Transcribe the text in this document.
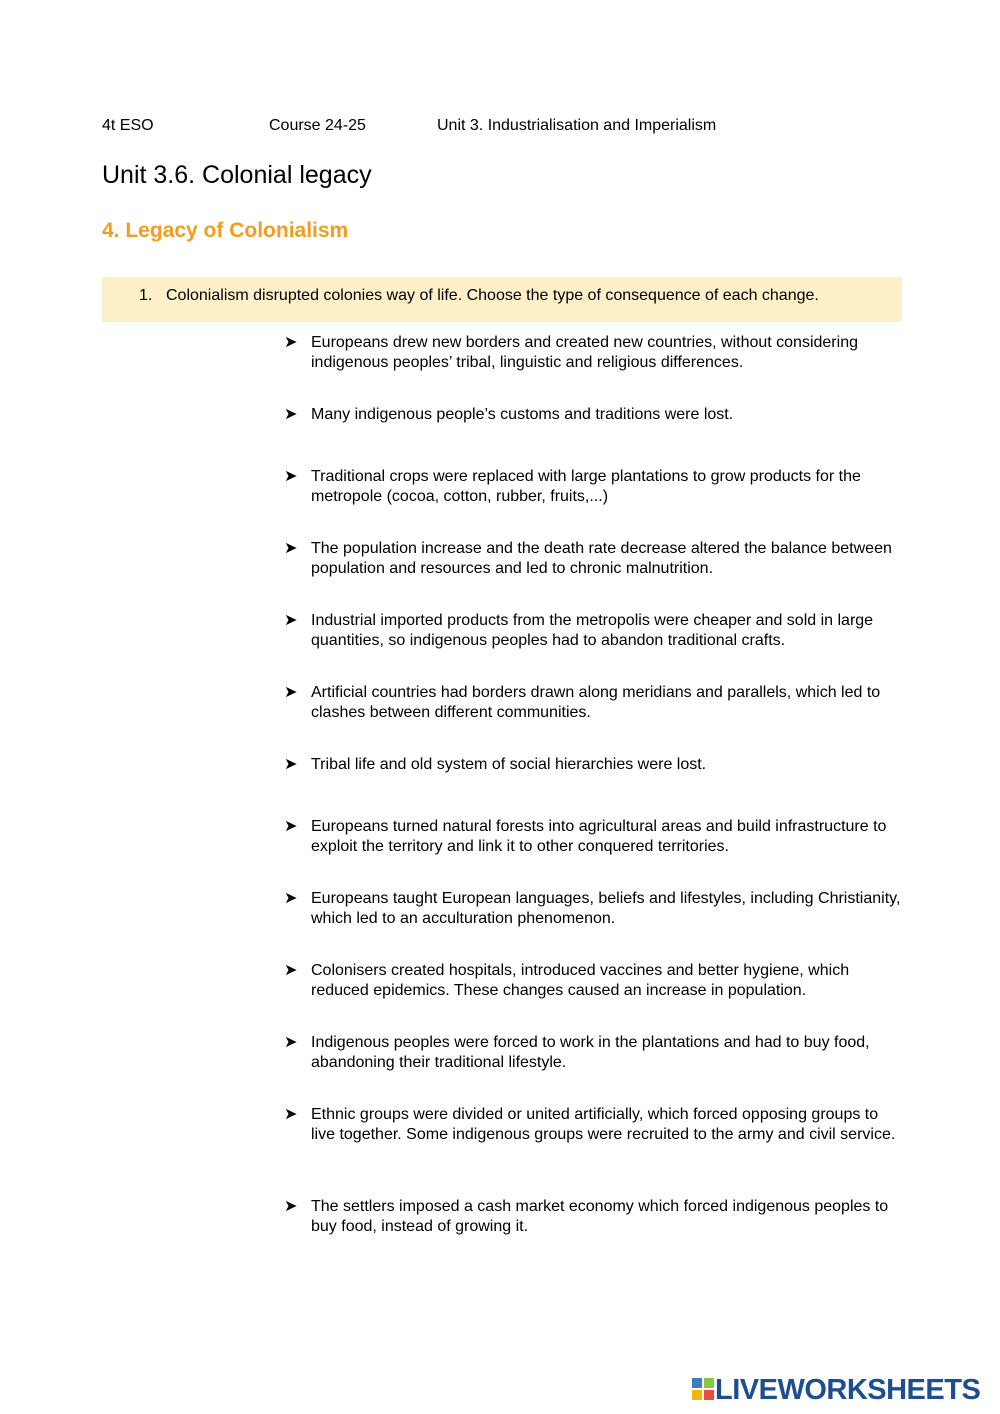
4t ESO	Course 24-25	Unit 3. Industrialisation and Imperialism
Unit 3.6. Colonial legacy
4. Legacy of Colonialism
1. Colonialism disrupted colonies way of life. Choose the type of consequence of each change.
➤ Europeans drew new borders and created new countries, without considering indigenous peoples’ tribal, linguistic and religious differences.
➤ Many indigenous people’s customs and traditions were lost.
➤ Traditional crops were replaced with large plantations to grow products for the metropole (cocoa, cotton, rubber, fruits,...)
➤ The population increase and the death rate decrease altered the balance between population and resources and led to chronic malnutrition.
➤ Industrial imported products from the metropolis were cheaper and sold in large quantities, so indigenous peoples had to abandon traditional crafts.
➤ Artificial countries had borders drawn along meridians and parallels, which led to clashes between different communities.
➤ Tribal life and old system of social hierarchies were lost.
➤ Europeans turned natural forests into agricultural areas and build infrastructure to exploit the territory and link it to other conquered territories.
➤ Europeans taught European languages, beliefs and lifestyles, including Christianity, which led to an acculturation phenomenon.
➤ Colonisers created hospitals, introduced vaccines and better hygiene, which reduced epidemics. These changes caused an increase in population.
➤ Indigenous peoples were forced to work in the plantations and had to buy food, abandoning their traditional lifestyle.
➤ Ethnic groups were divided or united artificially, which forced opposing groups to live together. Some indigenous groups were recruited to the army and civil service.
➤ The settlers imposed a cash market economy which forced indigenous peoples to buy food, instead of growing it.
LIVEWORKSHEETS
